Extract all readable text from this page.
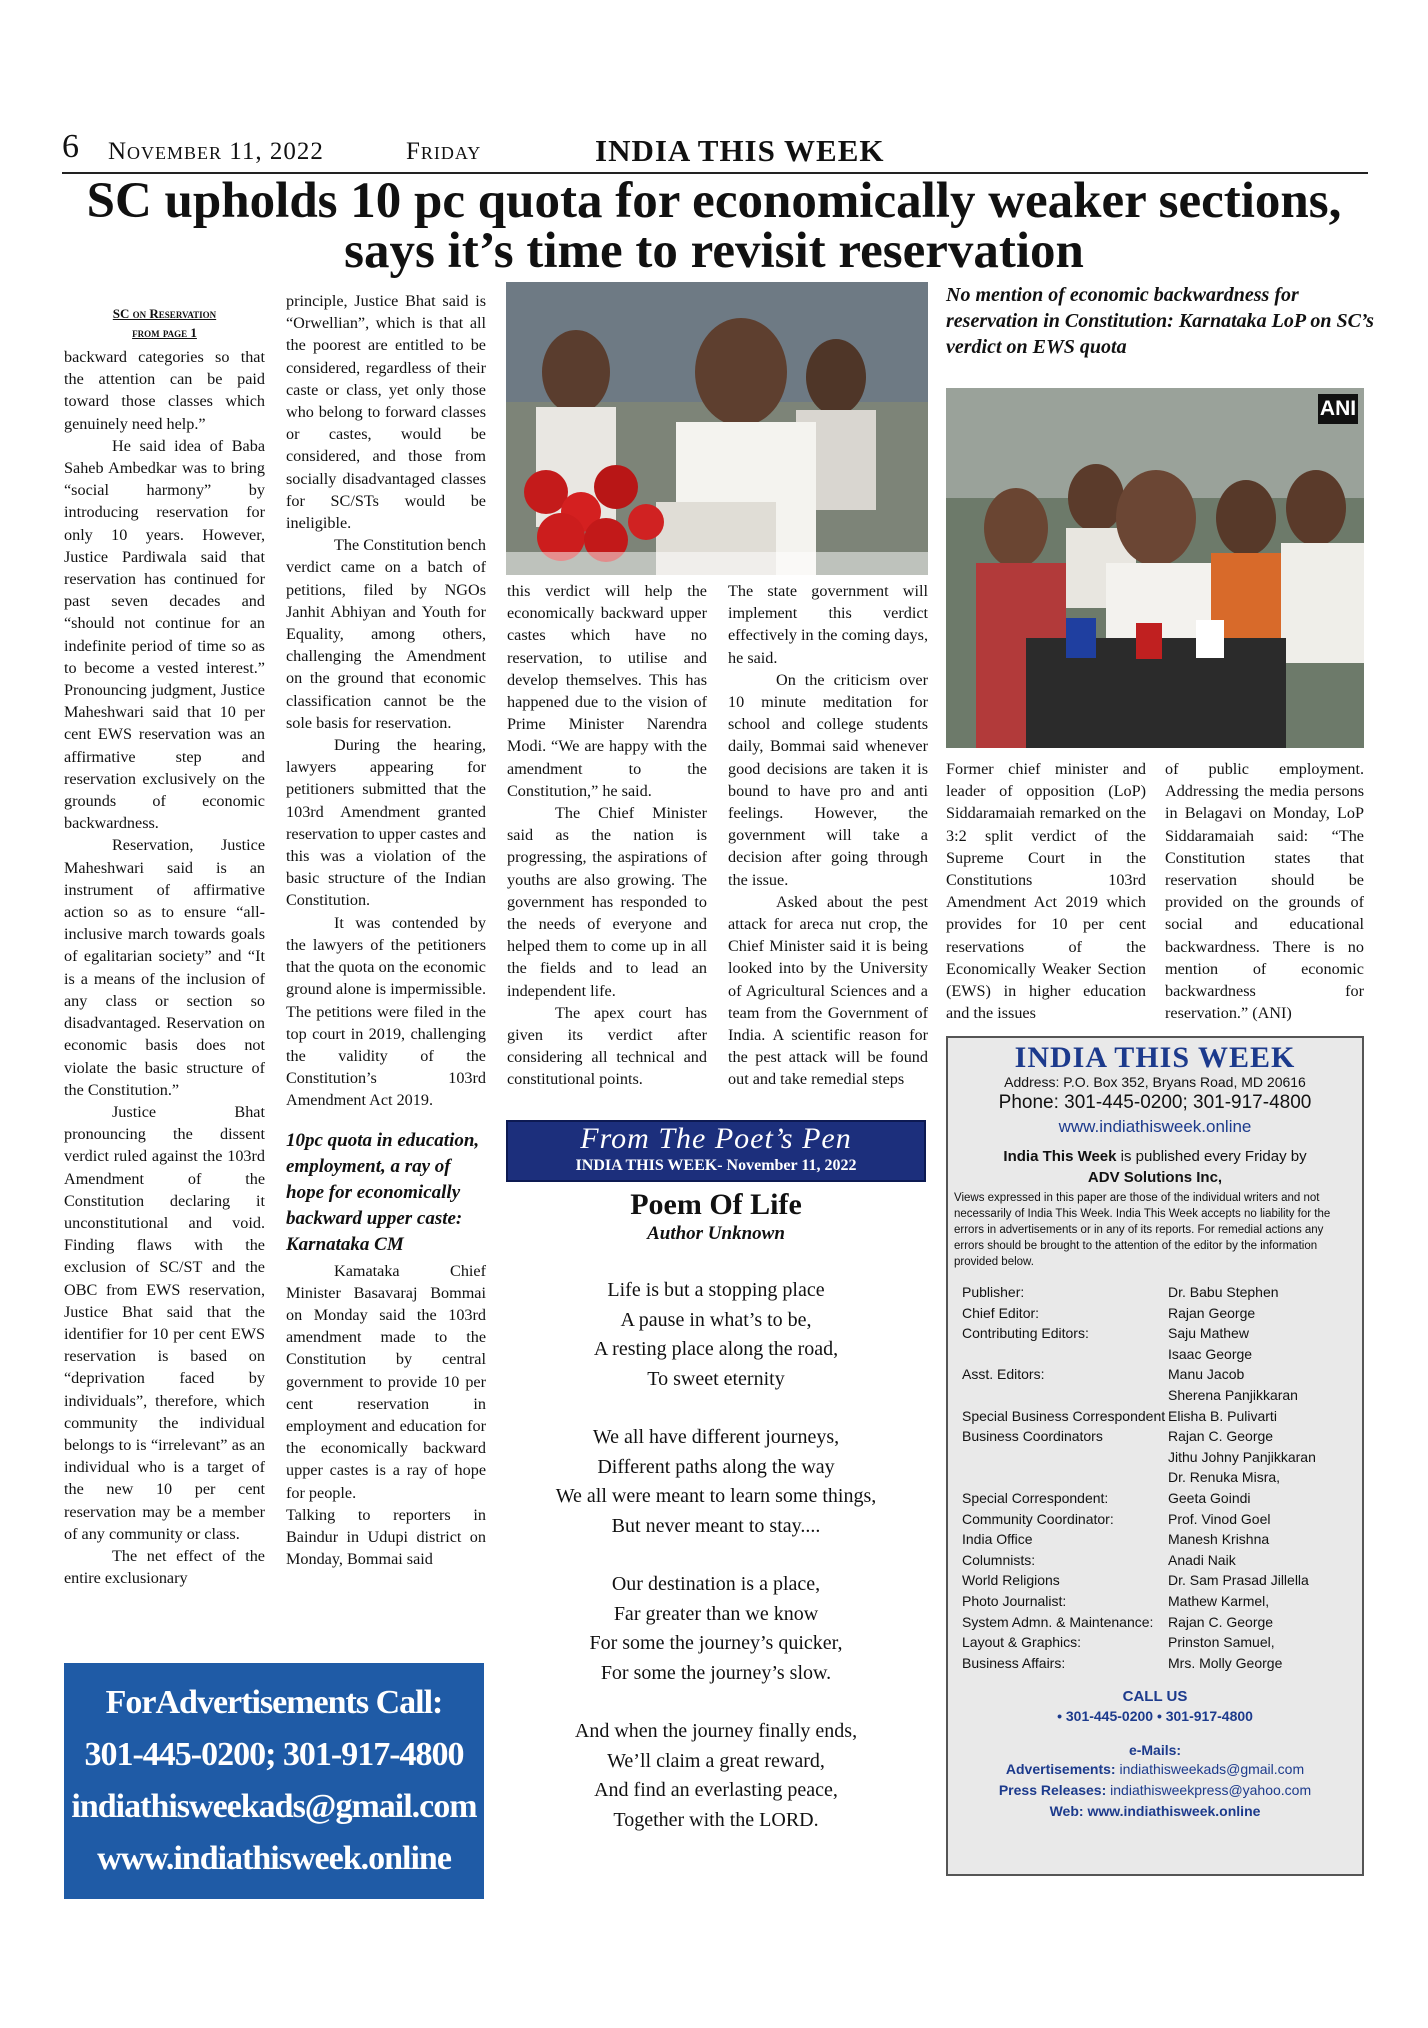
6 November 11, 2022	Friday	INDIA THIS WEEK
SC upholds 10 pc quota for economically weaker sections,
says it’s time to revisit reservation
SC on Reservation
from page 1

backward categories so that the attention can be paid toward those classes which genuinely need help.”

He said idea of Baba Saheb Ambedkar was to bring “social harmony” by introducing reservation for only 10 years. However, Justice Pardiwala said that reservation has continued for past seven decades and “should not continue for an indefinite period of time so as to become a vested interest.” Pronouncing judgment, Justice Maheshwari said that 10 per cent EWS reservation was an affirmative step and reservation exclusively on the grounds of economic backwardness.

Reservation, Justice Maheshwari said is an instrument of affirmative action so as to ensure “all-inclusive march towards goals of egalitarian society” and “It is a means of the inclusion of any class or section so disadvantaged. Reservation on economic basis does not violate the basic structure of the Constitution.”

Justice Bhat pronouncing the dissent verdict ruled against the 103rd Amendment of the Constitution declaring it unconstitutional and void. Finding flaws with the exclusion of SC/ST and the OBC from EWS reservation, Justice Bhat said that the identifier for 10 per cent EWS reservation is based on “deprivation faced by individuals”, therefore, which community the individual belongs to is “irrelevant” as an individual who is a target of the new 10 per cent reservation may be a member of any community or class.

The net effect of the entire exclusionary

principle, Justice Bhat said is “Orwellian”, which is that all the poorest are entitled to be considered, regardless of their caste or class, yet only those who belong to forward classes or castes, would be considered, and those from socially disadvantaged classes for SC/STs would be ineligible.

The Constitution bench verdict came on a batch of petitions, filed by NGOs Janhit Abhiyan and Youth for Equality, among others, challenging the Amendment on the ground that economic classification cannot be the sole basis for reservation.

During the hearing, lawyers appearing for petitioners submitted that the 103rd Amendment granted reservation to upper castes and this was a violation of the basic structure of the Indian Constitution.

It was contended by the lawyers of the petitioners that the quota on the economic ground alone is impermissible. The petitions were filed in the top court in 2019, challenging the validity of the Constitution’s 103rd Amendment Act 2019.

10pc quota in education, employment, a ray of hope for economically backward upper caste: Karnataka CM

Kamataka Chief Minister Basavaraj Bommai on Monday said the 103rd amendment made to the Constitution by central government to provide 10 per cent reservation in employment and education for the economically backward upper castes is a ray of hope for people.

Talking to reporters in Baindur in Udupi district on Monday, Bommai said

this verdict will help the economically backward upper castes which have no reservation, to utilise and develop themselves. This has happened due to the vision of Prime Minister Narendra Modi. “We are happy with the amendment to the Constitution,” he said.

The Chief Minister said as the nation is progressing, the aspirations of youths are also growing. The government has responded to the needs of everyone and helped them to come up in all the fields and to lead an independent life.

The apex court has given its verdict after considering all technical and constitutional points.

The state government will implement this verdict effectively in the coming days, he said.

On the criticism over 10 minute meditation for school and college students daily, Bommai said whenever good decisions are taken it is bound to have pro and anti feelings. However, the government will take a decision after going through the issue.

Asked about the pest attack for areca nut crop, the Chief Minister said it is being looked into by the University of Agricultural Sciences and a team from the Government of India. A scientific reason for the pest attack will be found out and take remedial steps

No mention of economic backwardness for reservation in Constitution: Karnataka LoP on SC’s verdict on EWS quota
ANI

Former chief minister and leader of opposition (LoP) Siddaramaiah remarked on the 3:2 split verdict of the Supreme Court in the Constitutions 103rd Amendment Act 2019 which provides for 10 per cent reservations of the Economically Weaker Section (EWS) in higher education and the issues

of public employment. Addressing the media persons in Belagavi on Monday, LoP Siddaramaiah said: “The Constitution states that reservation should be provided on the grounds of social and educational backwardness. There is no mention of economic backwardness for reservation.” (ANI)

ForAdvertisements Call:
301-445-0200; 301-917-4800
indiathisweekads@gmail.com
www.indiathisweek.online
From The Poet’s Pen
INDIA THIS WEEK- November 11, 2022
Poem Of Life
Author Unknown
Life is but a stopping place
A pause in what’s to be,
A resting place along the road,
To sweet eternity
We all have different journeys,
Different paths along the way
We all were meant to learn some things,
But never meant to stay....
Our destination is a place,
Far greater than we know
For some the journey’s quicker,
For some the journey’s slow.
And when the journey finally ends,
We’ll claim a great reward,
And find an everlasting peace,
Together with the LORD.
INDIA THIS WEEK
Address: P.O. Box 352, Bryans Road, MD 20616
Phone: 301-445-0200; 301-917-4800
www.indiathisweek.online
India This Week is published every Friday by
ADV Solutions Inc,
Views expressed in this paper are those of the individual writers and not necessarily of India This Week. India This Week accepts no liability for the errors in advertisements or in any of its reports. For remedial actions any errors should be brought to the attention of the editor by the information provided below.
Publisher:	Dr. Babu Stephen
Chief Editor:	Rajan George
Contributing Editors:	Saju Mathew
Isaac George
Asst. Editors:	Manu Jacob
Sherena Panjikkaran
Special Business Correspondent Elisha B. Pulivarti
Business Coordinators	Rajan C. George
Jithu Johny Panjikkaran
Dr. Renuka Misra,
Special Correspondent:	Geeta Goindi
Community Coordinator:	Prof. Vinod Goel
India Office	Manesh Krishna
Columnists:	Anadi Naik
World Religions	Dr. Sam Prasad Jillella
Photo Journalist:	Mathew Karmel,
System Admn. & Maintenance:	Rajan C. George
Layout & Graphics:	Prinston Samuel,
Business Affairs:	Mrs. Molly George
CALL US
• 301-445-0200 • 301-917-4800
e-Mails:
Advertisements: indiathisweekads@gmail.com
Press Releases: indiathisweekpress@yahoo.com
Web: www.indiathisweek.online
